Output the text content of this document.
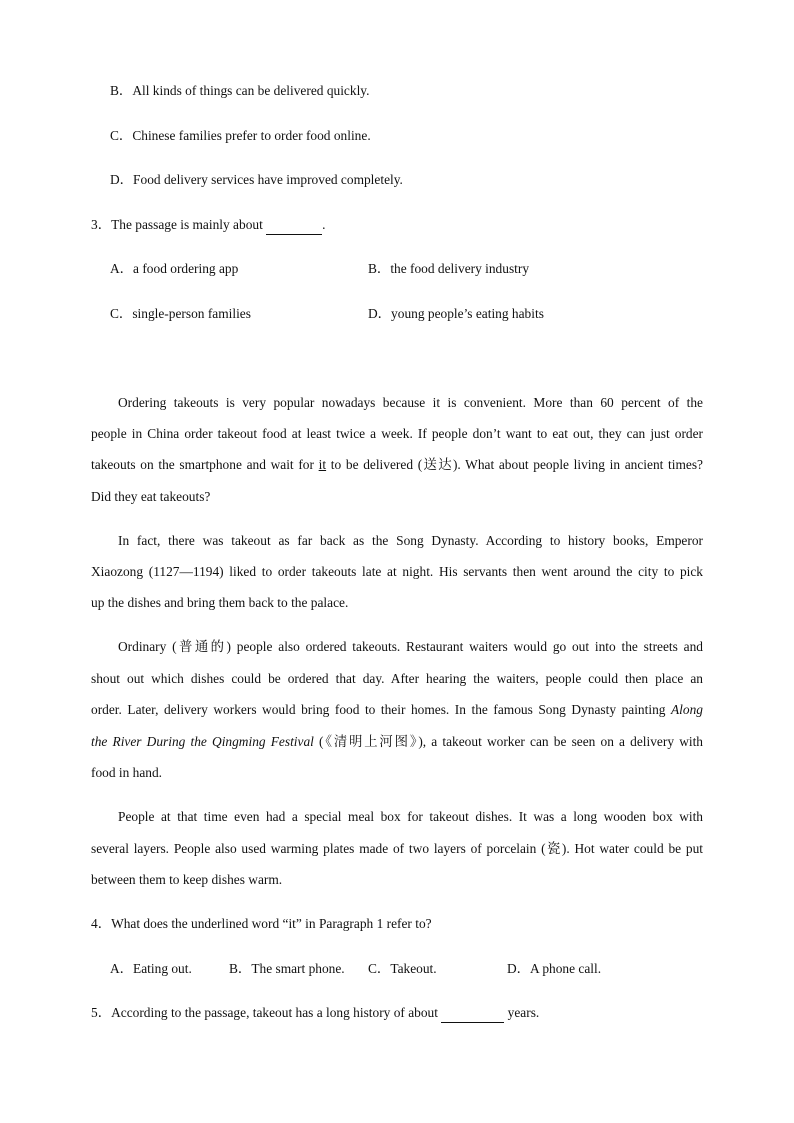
B．All kinds of things can be delivered quickly.
C．Chinese families prefer to order food online.
D．Food delivery services have improved completely.
3．The passage is mainly about	.
A．a food ordering app	B．the food delivery industry
C．single-person families	D．young people’s eating habits
Ordering takeouts is very popular nowadays because it is convenient. More than 60 percent of the
people in China order takeout food at least twice a week. If people don’t want to eat out, they can just order
takeouts on the smartphone and wait for it to be delivered (送达). What about people living in ancient times?
Did they eat takeouts?
In fact, there was takeout as far back as the Song Dynasty. According to history books, Emperor
Xiaozong (1127—1194) liked to order takeouts late at night. His servants then went around the city to pick
up the dishes and bring them back to the palace.
Ordinary (普通的) people also ordered takeouts. Restaurant waiters would go out into the streets and
shout out which dishes could be ordered that day. After hearing the waiters, people could then place an
order. Later, delivery workers would bring food to their homes. In the famous Song Dynasty painting Along
the River During the Qingming Festival (《清明上河图》), a takeout worker can be seen on a delivery with
food in hand.
People at that time even had a special meal box for takeout dishes. It was a long wooden box with
several layers. People also used warming plates made of two layers of porcelain (瓷). Hot water could be put
between them to keep dishes warm.
4．What does the underlined word “it” in Paragraph 1 refer to?
A．Eating out.	B．The smart phone. C．Takeout.	D．A phone call.
5．According to the passage, takeout has a long history of about	years.
